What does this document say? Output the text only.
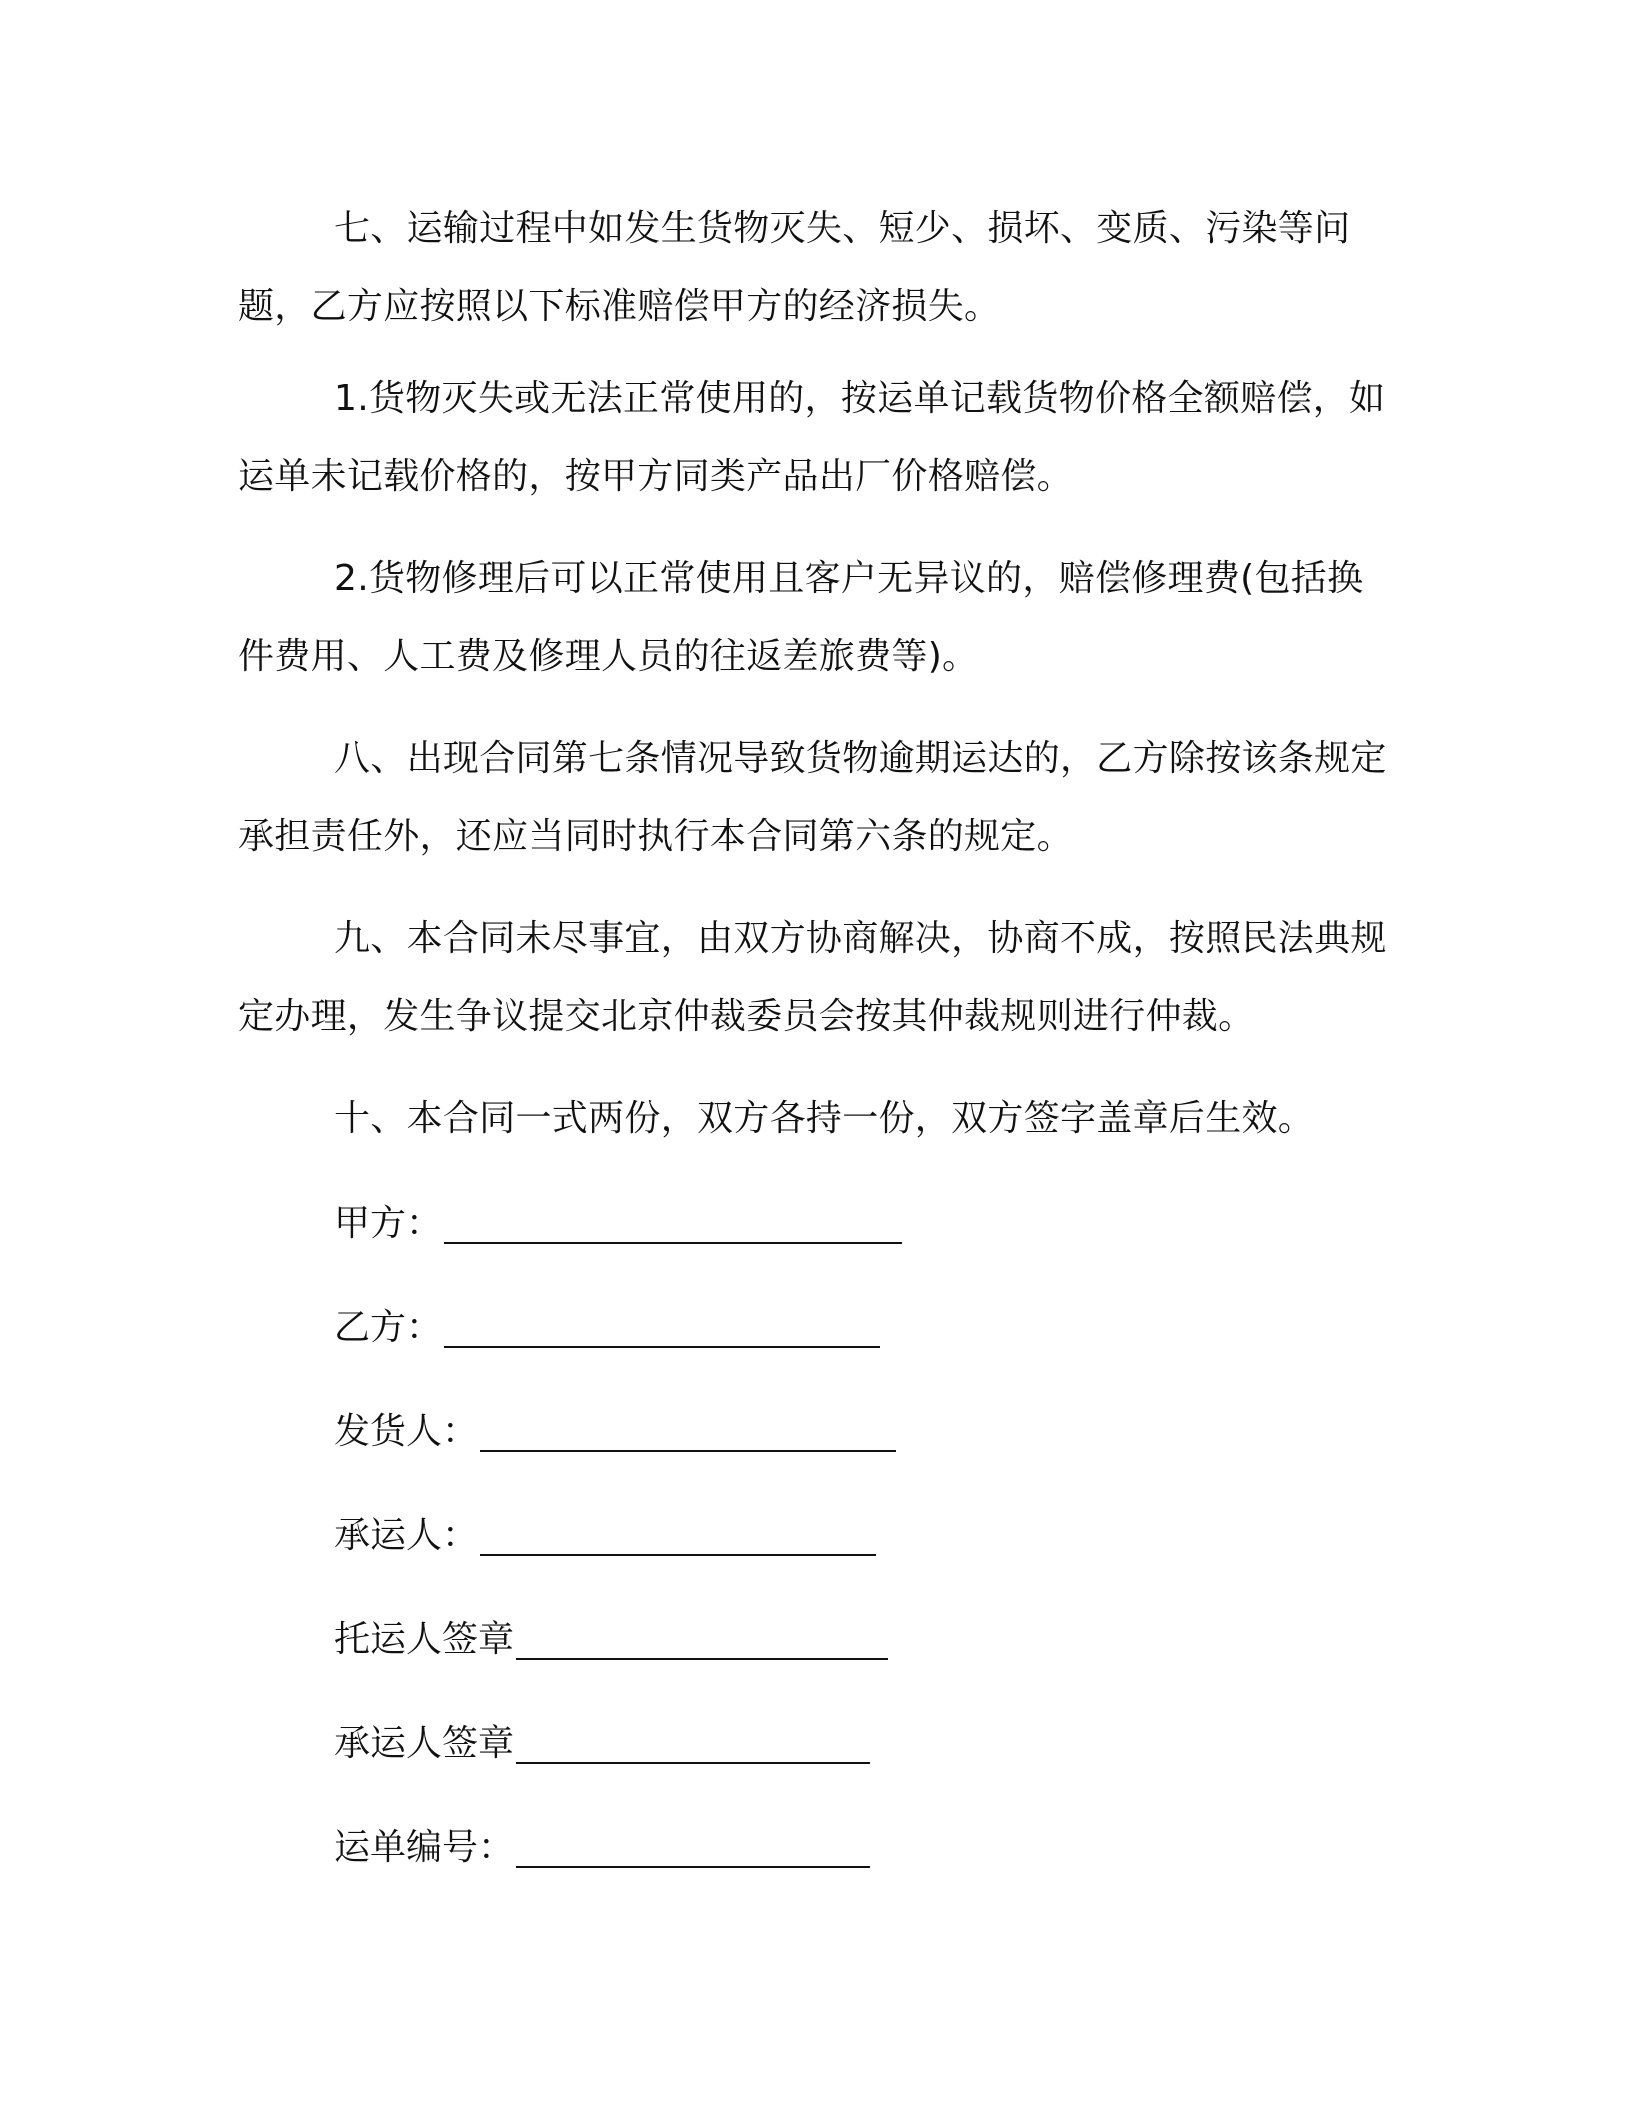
七、运输过程中如发生货物灭失、短少、损坏、变质、污染等问题，乙方应按照以下标准赔偿甲方的经济损失。

1.货物灭失或无法正常使用的，按运单记载货物价格全额赔偿，如运单未记载价格的，按甲方同类产品出厂价格赔偿。

2.货物修理后可以正常使用且客户无异议的，赔偿修理费(包括换件费用、人工费及修理人员的往返差旅费等)。

八、出现合同第七条情况导致货物逾期运达的，乙方除按该条规定承担责任外，还应当同时执行本合同第六条的规定。

九、本合同未尽事宜，由双方协商解决，协商不成，按照民法典规定办理，发生争议提交北京仲裁委员会按其仲裁规则进行仲裁。

十、本合同一式两份，双方各持一份，双方签字盖章后生效。

甲方：
乙方：
发货人：
承运人：
托运人签章
承运人签章
运单编号：
